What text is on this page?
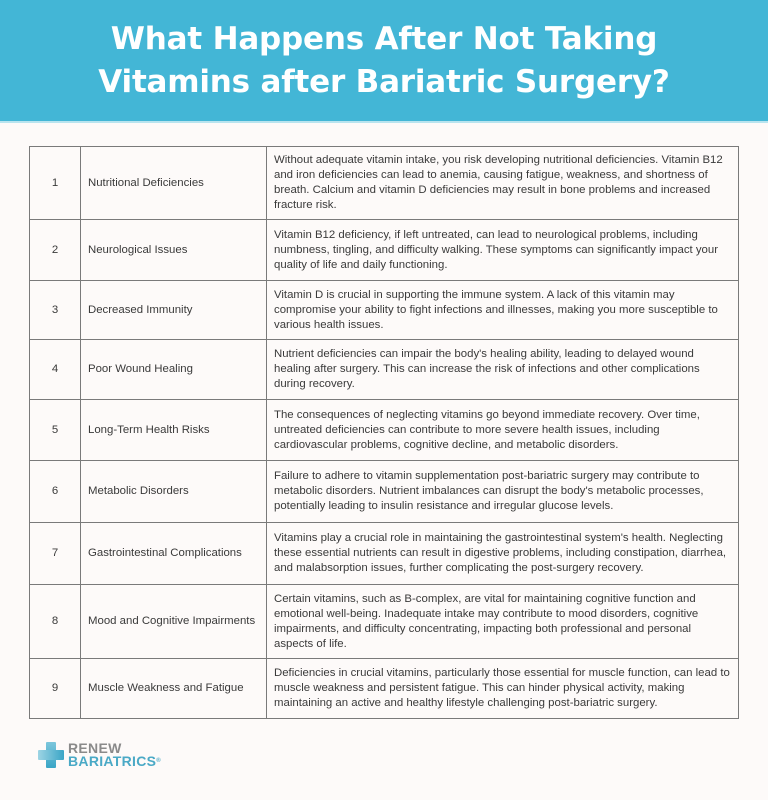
What Happens After Not Taking
Vitamins after Bariatric Surgery?
1	Nutritional Deficiencies	Without adequate vitamin intake, you risk developing nutritional deficiencies. Vitamin B12 and iron deficiencies can lead to anemia, causing fatigue, weakness, and shortness of breath. Calcium and vitamin D deficiencies may result in bone problems and increased fracture risk.
2	Neurological Issues	Vitamin B12 deficiency, if left untreated, can lead to neurological problems, including numbness, tingling, and difficulty walking. These symptoms can significantly impact your quality of life and daily functioning.
3	Decreased Immunity	Vitamin D is crucial in supporting the immune system. A lack of this vitamin may compromise your ability to fight infections and illnesses, making you more susceptible to various health issues.
4	Poor Wound Healing	Nutrient deficiencies can impair the body's healing ability, leading to delayed wound healing after surgery. This can increase the risk of infections and other complications during recovery.
5	Long-Term Health Risks	The consequences of neglecting vitamins go beyond immediate recovery. Over time, untreated deficiencies can contribute to more severe health issues, including cardiovascular problems, cognitive decline, and metabolic disorders.
6	Metabolic Disorders	Failure to adhere to vitamin supplementation post-bariatric surgery may contribute to metabolic disorders. Nutrient imbalances can disrupt the body's metabolic processes, potentially leading to insulin resistance and irregular glucose levels.
7	Gastrointestinal Complications	Vitamins play a crucial role in maintaining the gastrointestinal system's health. Neglecting these essential nutrients can result in digestive problems, including constipation, diarrhea, and malabsorption issues, further complicating the post-surgery recovery.
8	Mood and Cognitive Impairments	Certain vitamins, such as B-complex, are vital for maintaining cognitive function and emotional well-being. Inadequate intake may contribute to mood disorders, cognitive impairments, and difficulty concentrating, impacting both professional and personal aspects of life.
9	Muscle Weakness and Fatigue	Deficiencies in crucial vitamins, particularly those essential for muscle function, can lead to muscle weakness and persistent fatigue. This can hinder physical activity, making maintaining an active and healthy lifestyle challenging post-bariatric surgery.
RENEW
BARIATRICS®
